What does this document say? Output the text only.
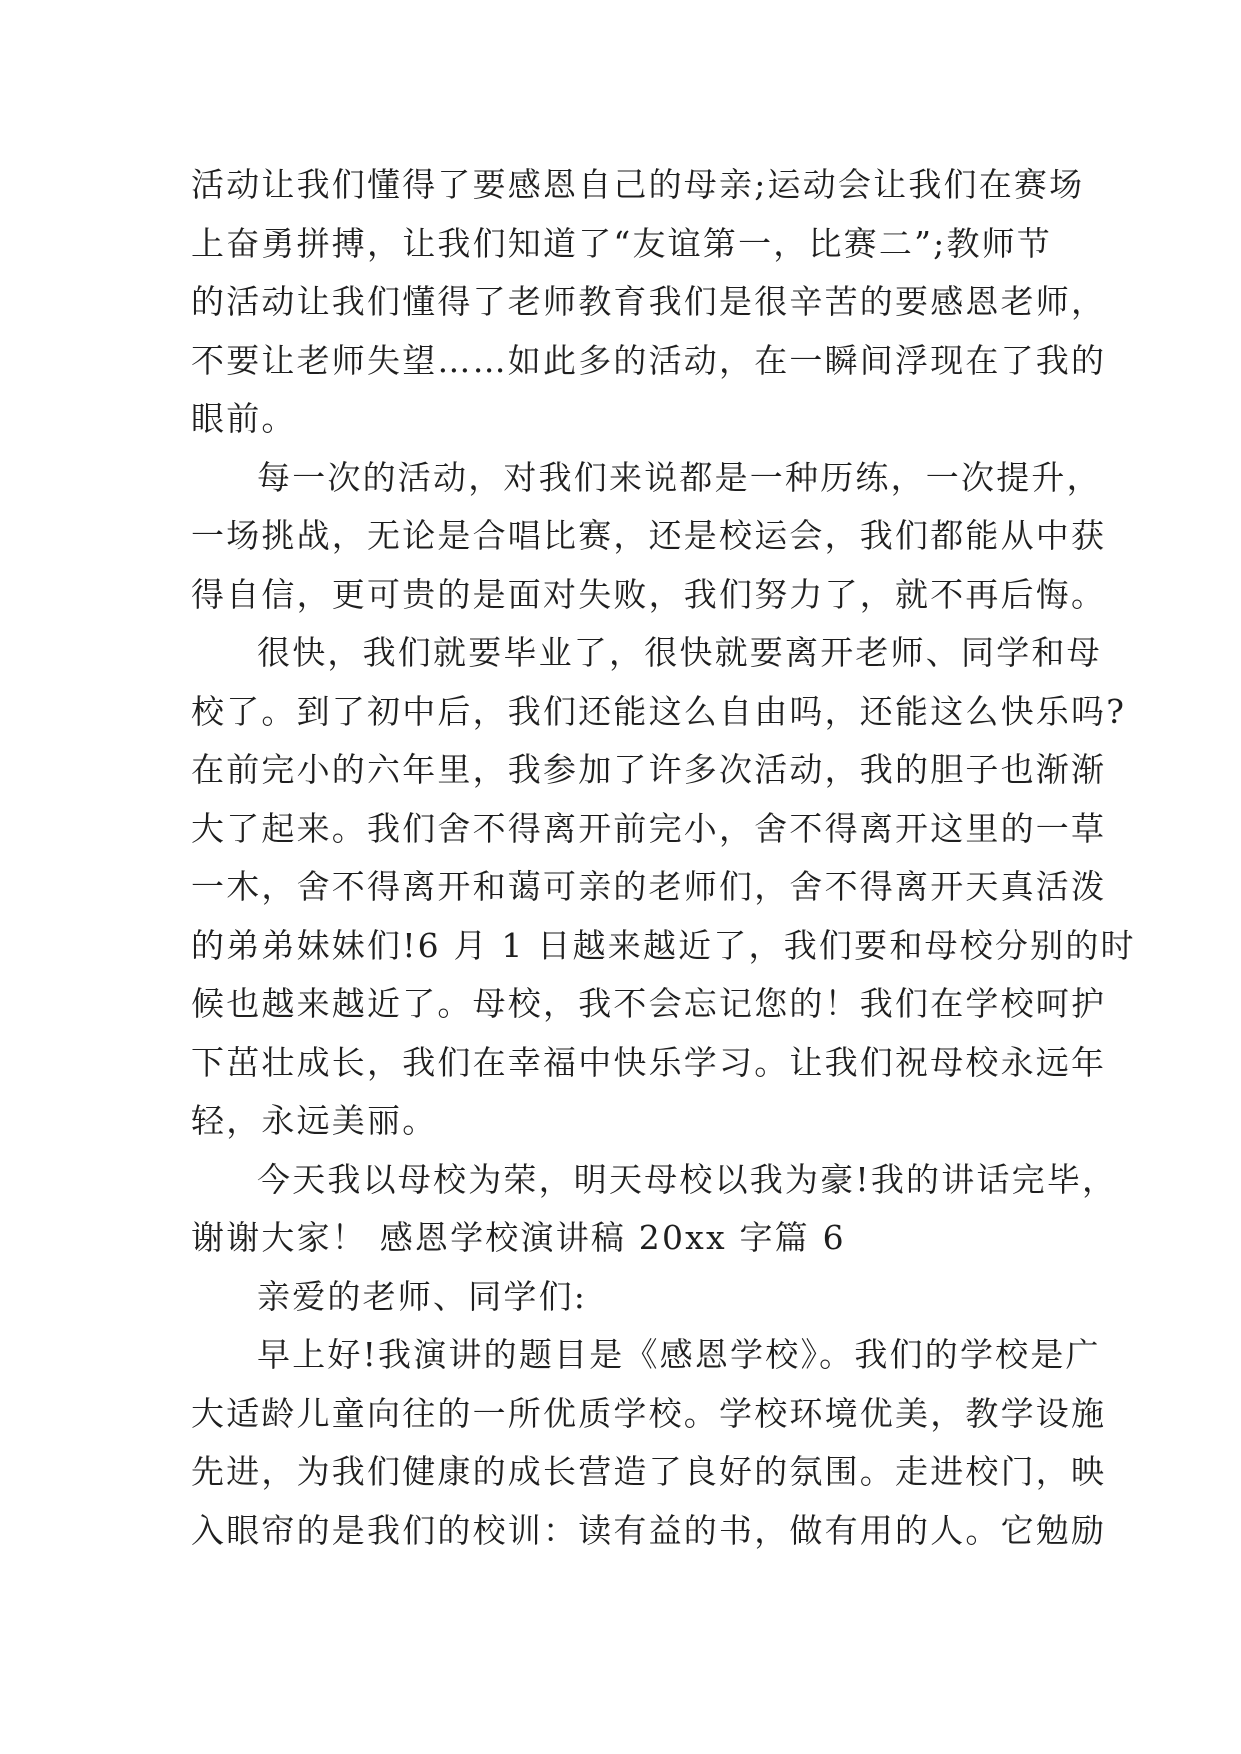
活动让我们懂得了要感恩自己的母亲;运动会让我们在赛场
上奋勇拼搏，让我们知道了“友谊第一，比赛二”;教师节
的活动让我们懂得了老师教育我们是很辛苦的要感恩老师，
不要让老师失望……如此多的活动，在一瞬间浮现在了我的
眼前。
每一次的活动，对我们来说都是一种历练，一次提升，
一场挑战，无论是合唱比赛，还是校运会，我们都能从中获
得自信，更可贵的是面对失败，我们努力了，就不再后悔。
很快，我们就要毕业了，很快就要离开老师、同学和母
校了。到了初中后，我们还能这么自由吗，还能这么快乐吗?
在前完小的六年里，我参加了许多次活动，我的胆子也渐渐
大了起来。我们舍不得离开前完小，舍不得离开这里的一草
一木，舍不得离开和蔼可亲的老师们，舍不得离开天真活泼
的弟弟妹妹们!6 月 1 日越来越近了，我们要和母校分别的时
候也越来越近了。母校，我不会忘记您的！我们在学校呵护
下茁壮成长，我们在幸福中快乐学习。让我们祝母校永远年
轻，永远美丽。
今天我以母校为荣，明天母校以我为豪!我的讲话完毕，
谢谢大家！ 感恩学校演讲稿 20xx 字篇 6
亲爱的老师、同学们:
早上好!我演讲的题目是《感恩学校》。我们的学校是广
大适龄儿童向往的一所优质学校。学校环境优美，教学设施
先进，为我们健康的成长营造了良好的氛围。走进校门，映
入眼帘的是我们的校训：读有益的书，做有用的人。它勉励
